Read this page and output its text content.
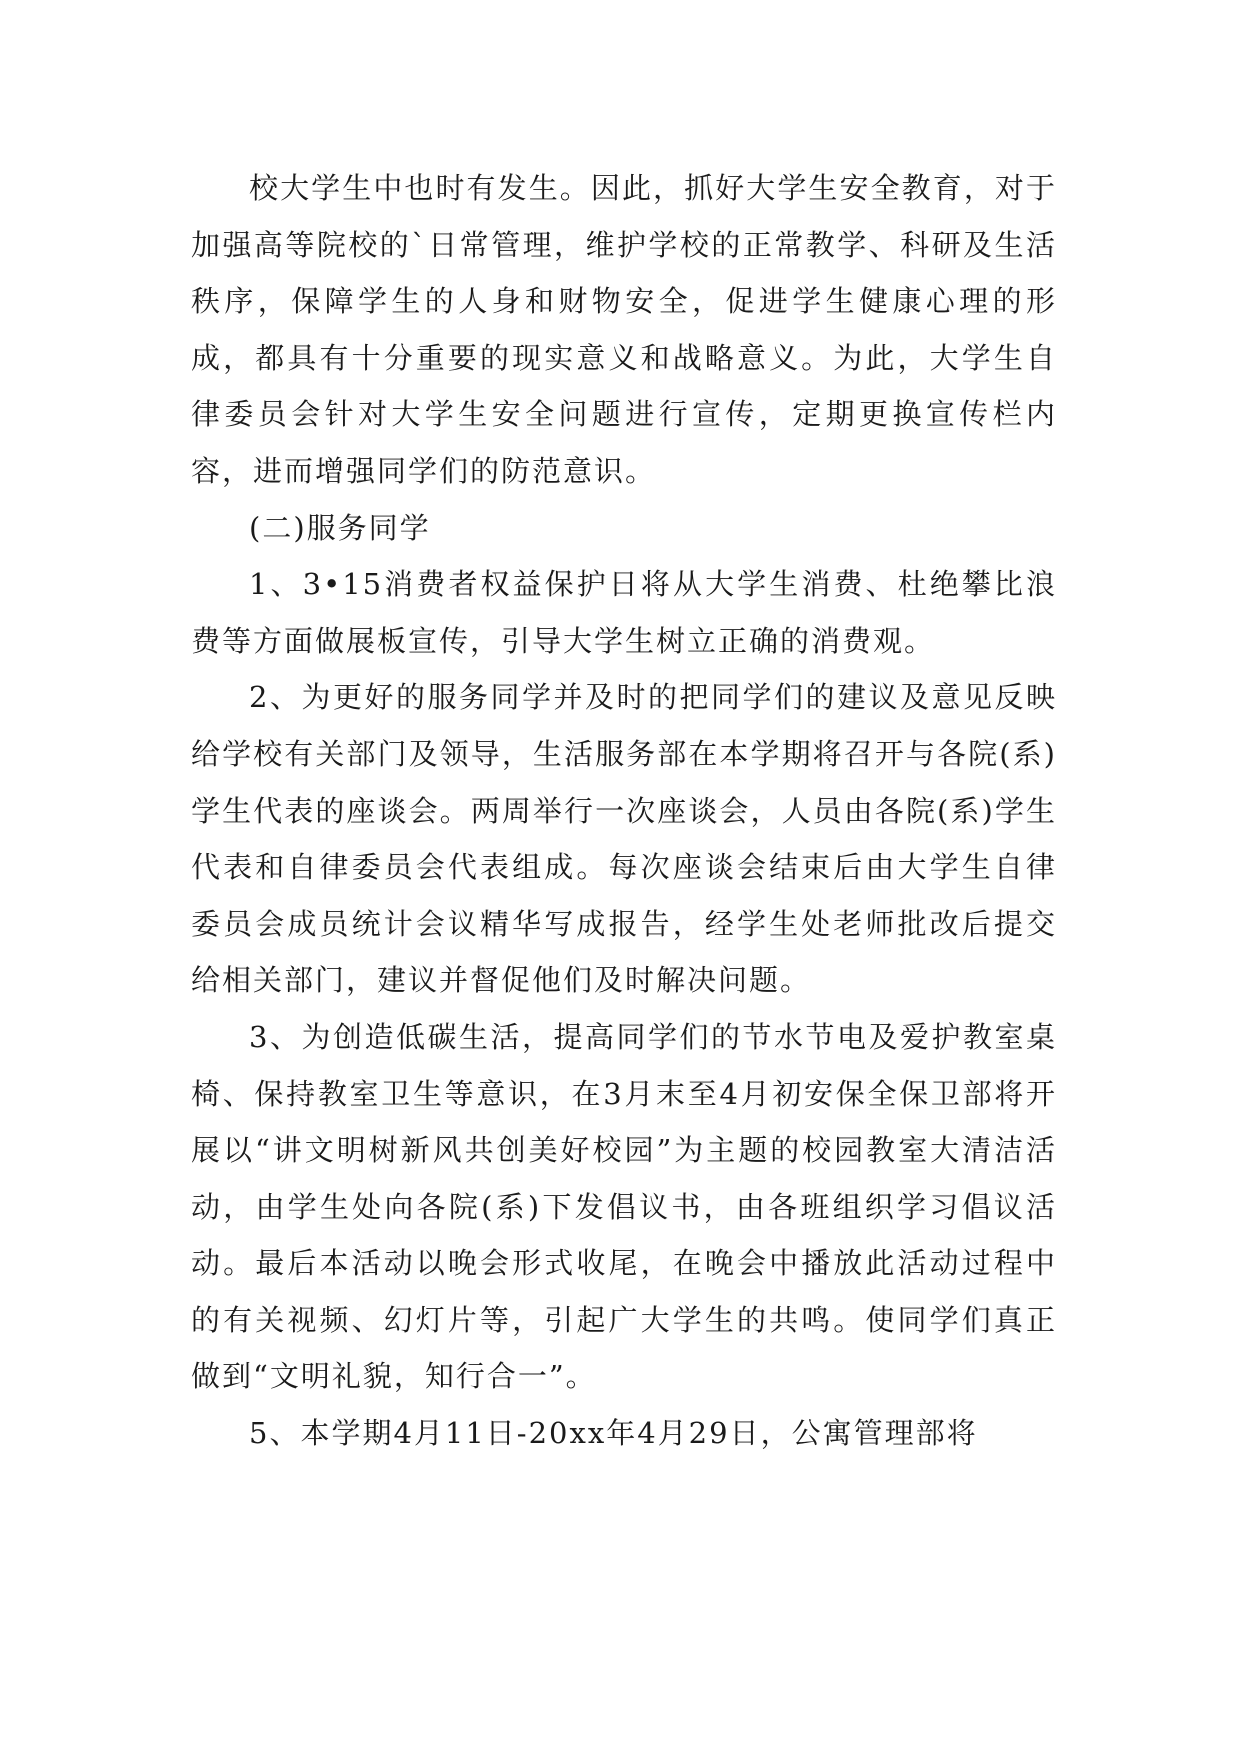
校大学生中也时有发生。因此，抓好大学生安全教育，对于加强高等院校的`日常管理，维护学校的正常教学、科研及生活秩序，保障学生的人身和财物安全，促进学生健康心理的形成，都具有十分重要的现实意义和战略意义。为此，大学生自律委员会针对大学生安全问题进行宣传，定期更换宣传栏内容，进而增强同学们的防范意识。

(二)服务同学

1、3•15消费者权益保护日将从大学生消费、杜绝攀比浪费等方面做展板宣传，引导大学生树立正确的消费观。

2、为更好的服务同学并及时的把同学们的建议及意见反映给学校有关部门及领导，生活服务部在本学期将召开与各院(系)学生代表的座谈会。两周举行一次座谈会，人员由各院(系)学生代表和自律委员会代表组成。每次座谈会结束后由大学生自律委员会成员统计会议精华写成报告，经学生处老师批改后提交给相关部门，建议并督促他们及时解决问题。

3、为创造低碳生活，提高同学们的节水节电及爱护教室桌椅、保持教室卫生等意识，在3月末至4月初安保全保卫部将开展以“讲文明树新风共创美好校园”为主题的校园教室大清洁活动，由学生处向各院(系)下发倡议书，由各班组织学习倡议活动。最后本活动以晚会形式收尾，在晚会中播放此活动过程中的有关视频、幻灯片等，引起广大学生的共鸣。使同学们真正做到“文明礼貌，知行合一”。

5、本学期4月11日-20xx年4月29日，公寓管理部将
